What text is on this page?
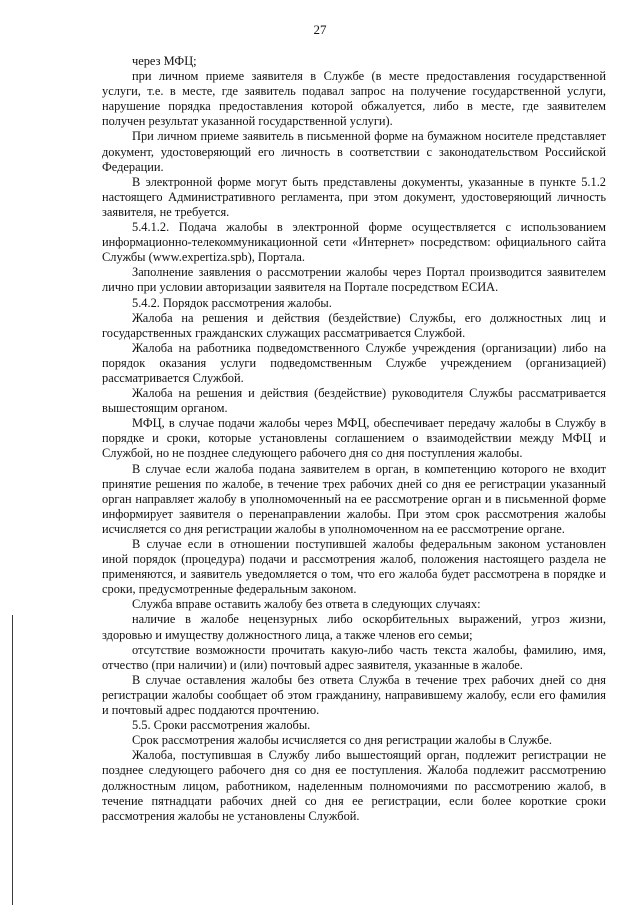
27

через МФЦ;

при личном приеме заявителя в Службе (в месте предоставления государственной услуги, т.е. в месте, где заявитель подавал запрос на получение государственной услуги, нарушение порядка предоставления которой обжалуется, либо в месте, где заявителем получен результат указанной государственной услуги).

При личном приеме заявитель в письменной форме на бумажном носителе представляет документ, удостоверяющий его личность в соответствии с законодательством Российской Федерации.

В электронной форме могут быть представлены документы, указанные в пункте 5.1.2 настоящего Административного регламента, при этом документ, удостоверяющий личность заявителя, не требуется.

5.4.1.2. Подача жалобы в электронной форме осуществляется с использованием информационно-телекоммуникационной сети «Интернет» посредством: официального сайта Службы (www.expertiza.spb), Портала.

Заполнение заявления о рассмотрении жалобы через Портал производится заявителем лично при условии авторизации заявителя на Портале посредством ЕСИА.

5.4.2. Порядок рассмотрения жалобы.

Жалоба на решения и действия (бездействие) Службы, его должностных лиц и государственных гражданских служащих рассматривается Службой.

Жалоба на работника подведомственного Службе учреждения (организации) либо на порядок оказания услуги подведомственным Службе учреждением (организацией) рассматривается Службой.

Жалоба на решения и действия (бездействие) руководителя Службы рассматривается вышестоящим органом.

МФЦ, в случае подачи жалобы через МФЦ, обеспечивает передачу жалобы в Службу в порядке и сроки, которые установлены соглашением о взаимодействии между МФЦ и Службой, но не позднее следующего рабочего дня со дня поступления жалобы.

В случае если жалоба подана заявителем в орган, в компетенцию которого не входит принятие решения по жалобе, в течение трех рабочих дней со дня ее регистрации указанный орган направляет жалобу в уполномоченный на ее рассмотрение орган и в письменной форме информирует заявителя о перенаправлении жалобы. При этом срок рассмотрения жалобы исчисляется со дня регистрации жалобы в уполномоченном на ее рассмотрение органе.

В случае если в отношении поступившей жалобы федеральным законом установлен иной порядок (процедура) подачи и рассмотрения жалоб, положения настоящего раздела не применяются, и заявитель уведомляется о том, что его жалоба будет рассмотрена в порядке и сроки, предусмотренные федеральным законом.

Служба вправе оставить жалобу без ответа в следующих случаях:

наличие в жалобе нецензурных либо оскорбительных выражений, угроз жизни, здоровью и имуществу должностного лица, а также членов его семьи;

отсутствие возможности прочитать какую-либо часть текста жалобы, фамилию, имя, отчество (при наличии) и (или) почтовый адрес заявителя, указанные в жалобе.

В случае оставления жалобы без ответа Служба в течение трех рабочих дней со дня регистрации жалобы сообщает об этом гражданину, направившему жалобу, если его фамилия и почтовый адрес поддаются прочтению.

5.5. Сроки рассмотрения жалобы.

Срок рассмотрения жалобы исчисляется со дня регистрации жалобы в Службе.

Жалоба, поступившая в Службу либо вышестоящий орган, подлежит регистрации не позднее следующего рабочего дня со дня ее поступления. Жалоба подлежит рассмотрению должностным лицом, работником, наделенным полномочиями по рассмотрению жалоб, в течение пятнадцати рабочих дней со дня ее регистрации, если более короткие сроки рассмотрения жалобы не установлены Службой.
